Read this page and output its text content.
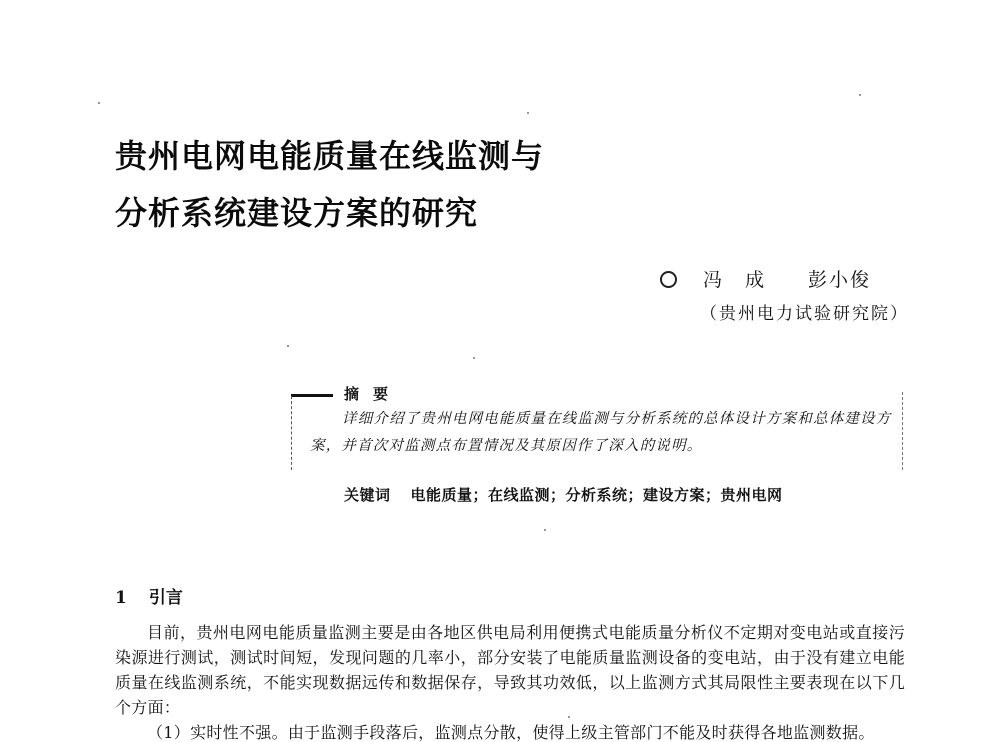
贵州电网电能质量在线监测与
分析系统建设方案的研究
冯　成　　彭小俊
（贵州电力试验研究院）
摘要
详细介绍了贵州电网电能质量在线监测与分析系统的总体设计方案和总体建设方案，并首次对监测点布置情况及其原因作了深入的说明。
关键词 电能质量；在线监测；分析系统；建设方案；贵州电网
1 引言

目前，贵州电网电能质量监测主要是由各地区供电局利用便携式电能质量分析仪不定期对变电站或直接污染源进行测试，测试时间短，发现问题的几率小，部分安装了电能质量监测设备的变电站，由于没有建立电能质量在线监测系统，不能实现数据远传和数据保存，导致其功效低，以上监测方式其局限性主要表现在以下几个方面：

（1）实时性不强。由于监测手段落后，监测点分散，使得上级主管部门不能及时获得各地监测数据。
